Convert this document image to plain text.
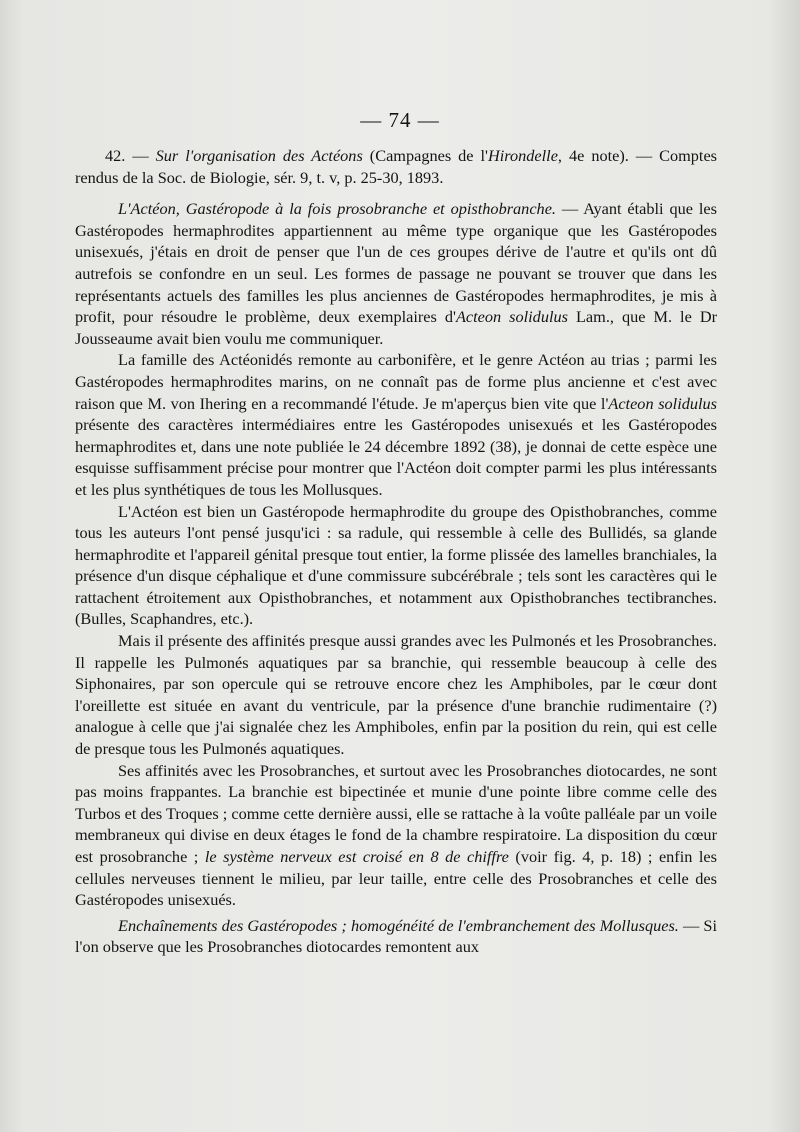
— 74 —

42. — Sur l'organisation des Actéons (Campagnes de l'Hirondelle, 4e note). — Comptes rendus de la Soc. de Biologie, sér. 9, t. v, p. 25-30, 1893.

L'Actéon, Gastéropode à la fois prosobranche et opisthobranche. — Ayant établi que les Gastéropodes hermaphrodites appartiennent au même type organique que les Gastéropodes unisexués, j'étais en droit de penser que l'un de ces groupes dérive de l'autre et qu'ils ont dû autrefois se confondre en un seul. Les formes de passage ne pouvant se trouver que dans les représentants actuels des familles les plus anciennes de Gastéropodes hermaphrodites, je mis à profit, pour résoudre le problème, deux exemplaires d'Acteon solidulus Lam., que M. le Dr Jousseaume avait bien voulu me communiquer.

La famille des Actéonidés remonte au carbonifère, et le genre Actéon au trias ; parmi les Gastéropodes hermaphrodites marins, on ne connaît pas de forme plus ancienne et c'est avec raison que M. von Ihering en a recommandé l'étude. Je m'aperçus bien vite que l'Acteon solidulus présente des caractères intermédiaires entre les Gastéropodes unisexués et les Gastéropodes hermaphrodites et, dans une note publiée le 24 décembre 1892 (38), je donnai de cette espèce une esquisse suffisamment précise pour montrer que l'Actéon doit compter parmi les plus intéressants et les plus synthétiques de tous les Mollusques.

L'Actéon est bien un Gastéropode hermaphrodite du groupe des Opisthobranches, comme tous les auteurs l'ont pensé jusqu'ici : sa radule, qui ressemble à celle des Bullidés, sa glande hermaphrodite et l'appareil génital presque tout entier, la forme plissée des lamelles branchiales, la présence d'un disque céphalique et d'une commissure subcérébrale ; tels sont les caractères qui le rattachent étroitement aux Opisthobranches, et notamment aux Opisthobranches tectibranches. (Bulles, Scaphandres, etc.).

Mais il présente des affinités presque aussi grandes avec les Pulmonés et les Prosobranches. Il rappelle les Pulmonés aquatiques par sa branchie, qui ressemble beaucoup à celle des Siphonaires, par son opercule qui se retrouve encore chez les Amphiboles, par le cœur dont l'oreillette est située en avant du ventricule, par la présence d'une branchie rudimentaire (?) analogue à celle que j'ai signalée chez les Amphiboles, enfin par la position du rein, qui est celle de presque tous les Pulmonés aquatiques.

Ses affinités avec les Prosobranches, et surtout avec les Prosobranches diotocardes, ne sont pas moins frappantes. La branchie est bipectinée et munie d'une pointe libre comme celle des Turbos et des Troques ; comme cette dernière aussi, elle se rattache à la voûte palléale par un voile membraneux qui divise en deux étages le fond de la chambre respiratoire. La disposition du cœur est prosobranche ; le système nerveux est croisé en 8 de chiffre (voir fig. 4, p. 18) ; enfin les cellules nerveuses tiennent le milieu, par leur taille, entre celle des Prosobranches et celle des Gastéropodes unisexués.

Enchaînements des Gastéropodes ; homogénéité de l'embranchement des Mollusques. — Si l'on observe que les Prosobranches diotocardes remontent aux
